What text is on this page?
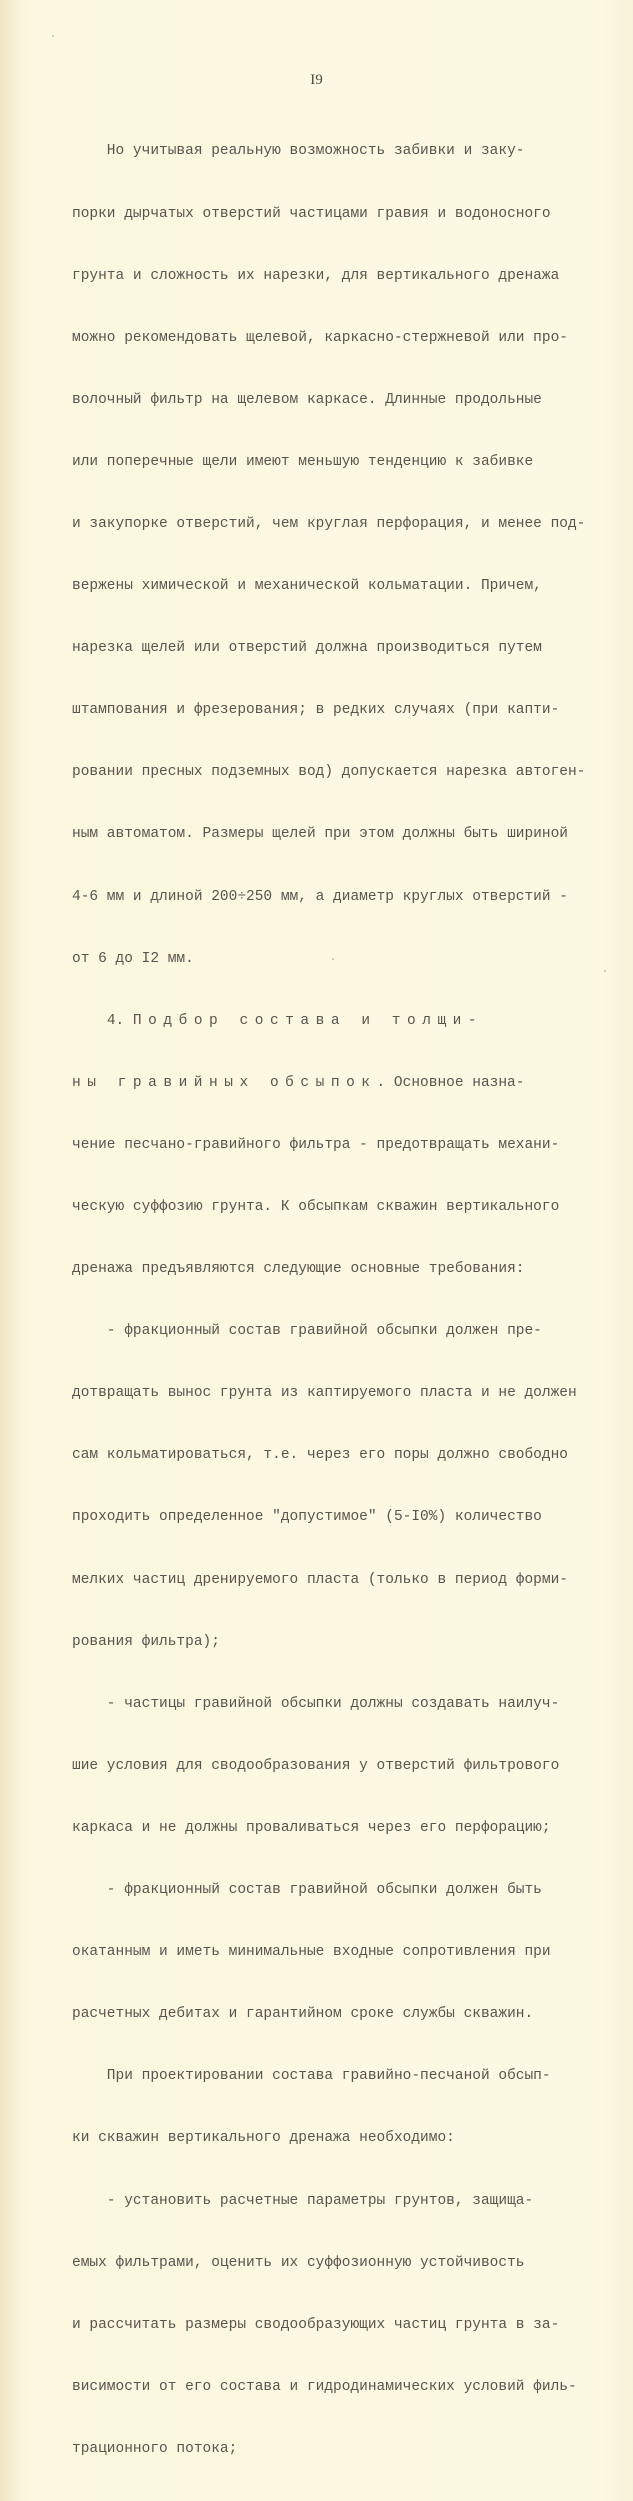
I9

Но учитывая реальную возможность забивки и заку-

порки дырчатых отверстий частицами гравия и водоносного

грунта и сложность их нарезки, для вертикального дренажа

можно рекомендовать щелевой, каркасно-стержневой или про-

волочный фильтр на щелевом каркасе. Длинные продольные

или поперечные щели имеют меньшую тенденцию к забивке

и закупорке отверстий, чем круглая перфорация, и менее под-

вержены химической и механической кольматации. Причем,

нарезка щелей или отверстий должна производиться путем

штампования и фрезерования; в редких случаях (при капти-

ровании пресных подземных вод) допускается нарезка автоген-

ным автоматом. Размеры щелей при этом должны быть шириной

4-6 мм и длиной 200÷250 мм, а диаметр круглых отверстий -

от 6 до I2 мм.

4. Подбор состава и толщи-

ны гравийных обсыпок. Основное назна-

чение песчано-гравийного фильтра - предотвращать механи-

ческую суффозию грунта. К обсыпкам скважин вертикального

дренажа предъявляются следующие основные требования:

- фракционный состав гравийной обсыпки должен пре-

дотвращать вынос грунта из каптируемого пласта и не должен

сам кольматироваться, т.е. через его поры должно свободно

проходить определенное "допустимое" (5-I0%) количество

мелких частиц дренируемого пласта (только в период форми-

рования фильтра);

- частицы гравийной обсыпки должны создавать наилуч-

шие условия для сводообразования у отверстий фильтрового

каркаса и не должны проваливаться через его перфорацию;

- фракционный состав гравийной обсыпки должен быть

окатанным и иметь минимальные входные сопротивления при

расчетных дебитах и гарантийном сроке службы скважин.

При проектировании состава гравийно-песчаной обсып-

ки скважин вертикального дренажа необходимо:

- установить расчетные параметры грунтов, защища-

емых фильтрами, оценить их суффозионную устойчивость

и рассчитать размеры сводообразующих частиц грунта в за-

висимости от его состава и гидродинамических условий филь-

трационного потока;
